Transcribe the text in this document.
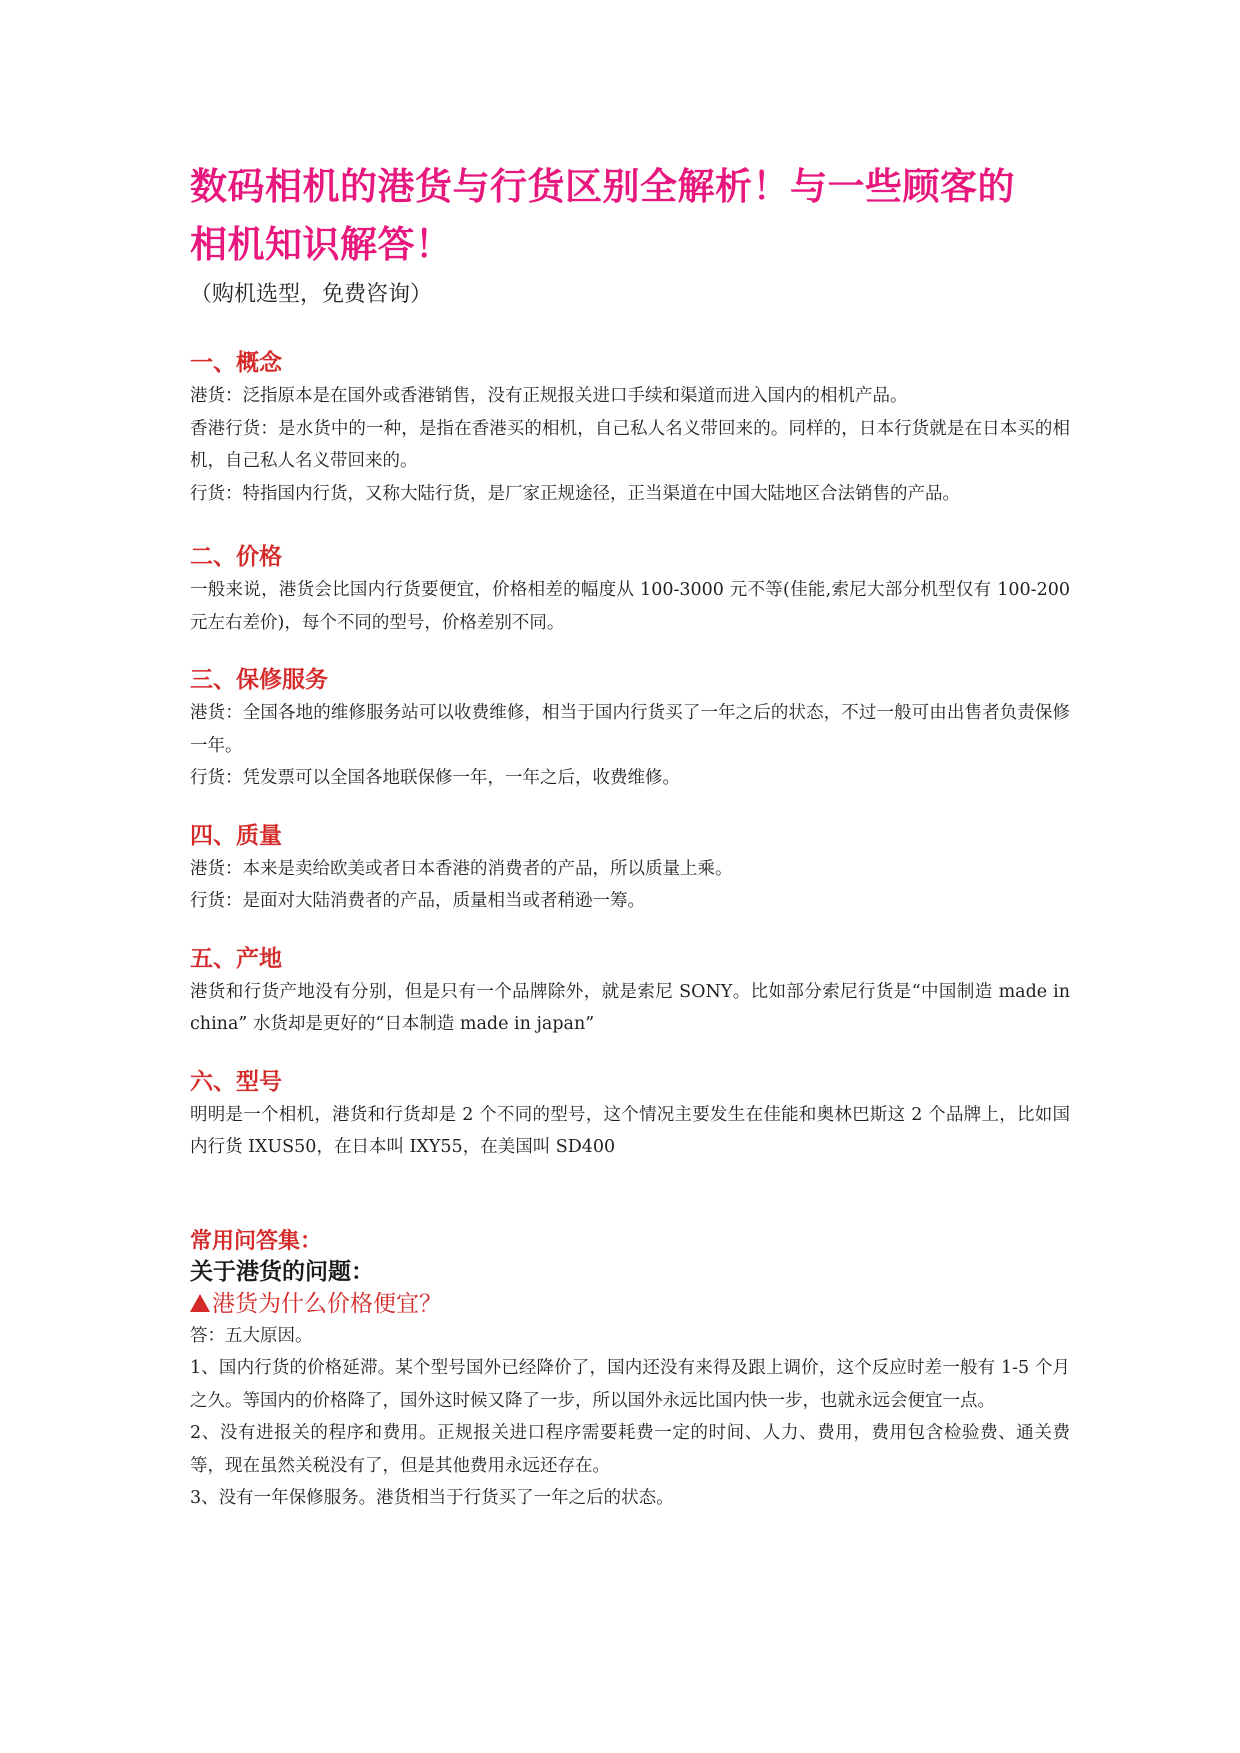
数码相机的港货与行货区别全解析！与一些顾客的
相机知识解答！

（购机选型，免费咨询）

一、概念

港货：泛指原本是在国外或香港销售，没有正规报关进口手续和渠道而进入国内的相机产品。

香港行货：是水货中的一种，是指在香港买的相机，自己私人名义带回来的。同样的，日本行货就是在日本买的相机，自己私人名义带回来的。

行货：特指国内行货，又称大陆行货，是厂家正规途径，正当渠道在中国大陆地区合法销售的产品。

二、价格

一般来说，港货会比国内行货要便宜，价格相差的幅度从 100-3000 元不等(佳能,索尼大部分机型仅有 100-200 元左右差价)，每个不同的型号，价格差别不同。

三、保修服务

港货：全国各地的维修服务站可以收费维修，相当于国内行货买了一年之后的状态，不过一般可由出售者负责保修一年。

行货：凭发票可以全国各地联保修一年，一年之后，收费维修。

四、质量

港货：本来是卖给欧美或者日本香港的消费者的产品，所以质量上乘。

行货：是面对大陆消费者的产品，质量相当或者稍逊一筹。

五、产地

港货和行货产地没有分别，但是只有一个品牌除外，就是索尼 SONY。比如部分索尼行货是“中国制造 made in china” 水货却是更好的“日本制造 made in japan”

六、型号

明明是一个相机，港货和行货却是 2 个不同的型号，这个情况主要发生在佳能和奥林巴斯这 2 个品牌上，比如国内行货 IXUS50，在日本叫 IXY55，在美国叫 SD400

常用问答集：
关于港货的问题：

港货为什么价格便宜？

答：五大原因。

1、国内行货的价格延滞。某个型号国外已经降价了，国内还没有来得及跟上调价，这个反应时差一般有 1-5 个月之久。等国内的价格降了，国外这时候又降了一步，所以国外永远比国内快一步，也就永远会便宜一点。

2、没有进报关的程序和费用。正规报关进口程序需要耗费一定的时间、人力、费用，费用包含检验费、通关费等，现在虽然关税没有了，但是其他费用永远还存在。

3、没有一年保修服务。港货相当于行货买了一年之后的状态。
